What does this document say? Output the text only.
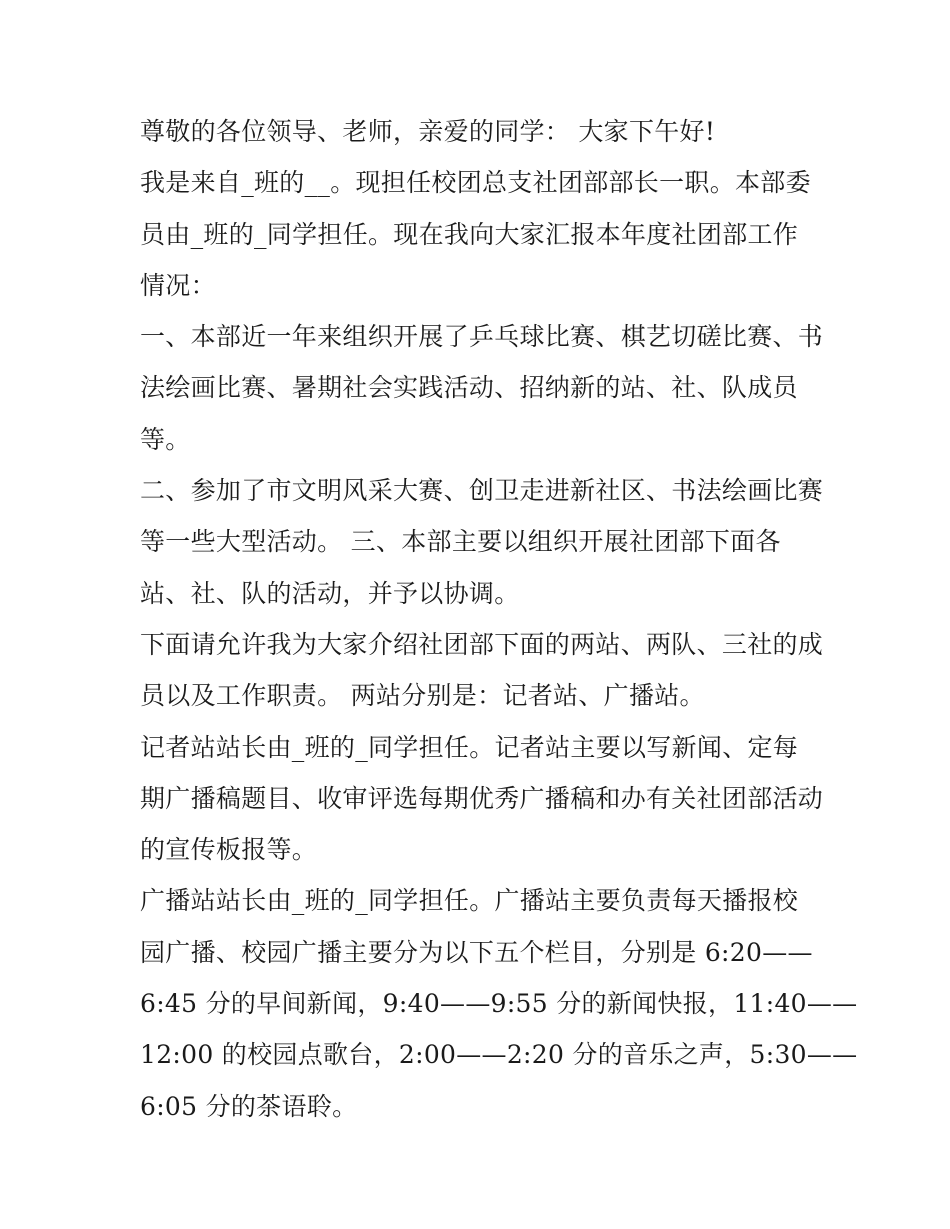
尊敬的各位领导、老师，亲爱的同学： 大家下午好!
我是来自_班的__。现担任校团总支社团部部长一职。本部委
员由_班的_同学担任。现在我向大家汇报本年度社团部工作
情况：
一、本部近一年来组织开展了乒乓球比赛、棋艺切磋比赛、书
法绘画比赛、暑期社会实践活动、招纳新的站、社、队成员
等。
二、参加了市文明风采大赛、创卫走进新社区、书法绘画比赛
等一些大型活动。 三、本部主要以组织开展社团部下面各
站、社、队的活动，并予以协调。
下面请允许我为大家介绍社团部下面的两站、两队、三社的成
员以及工作职责。 两站分别是：记者站、广播站。
记者站站长由_班的_同学担任。记者站主要以写新闻、定每
期广播稿题目、收审评选每期优秀广播稿和办有关社团部活动
的宣传板报等。
广播站站长由_班的_同学担任。广播站主要负责每天播报校
园广播、校园广播主要分为以下五个栏目，分别是 6:20——
6:45 分的早间新闻，9:40——9:55 分的新闻快报，11:40——
12:00 的校园点歌台，2:00——2:20 分的音乐之声，5:30——
6:05 分的茶语聆。
